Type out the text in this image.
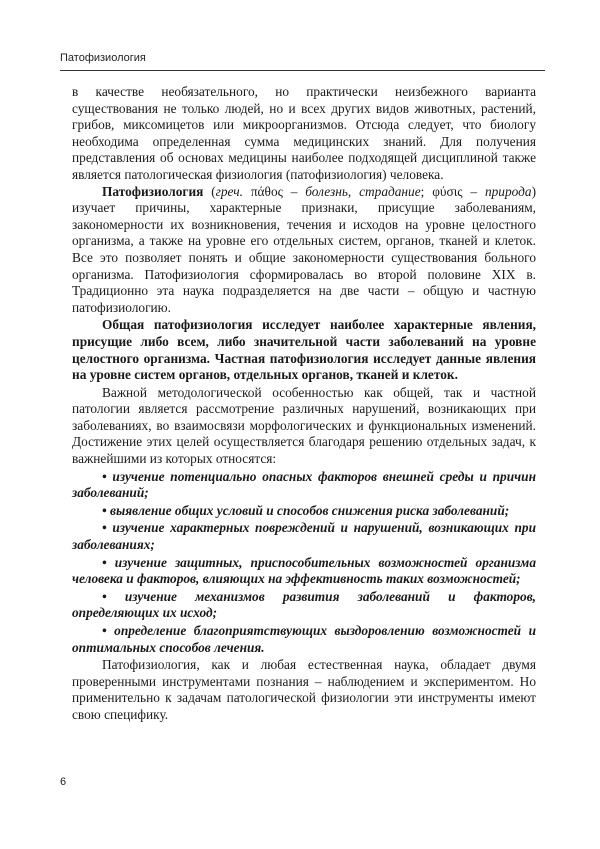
Патофизиология

в качестве необязательного, но практически неизбежного варианта существования не только людей, но и всех других видов животных, растений, грибов, миксомицетов или микроорганизмов. Отсюда следует, что биологу необходима определенная сумма медицинских знаний. Для получения представления об основах медицины наиболее подходящей дисциплиной также является патологическая физиология (патофизиология) человека.

Патофизиология (греч. πάθος – болезнь, страдание; φύσις – природа) изучает причины, характерные признаки, присущие заболеваниям, закономерности их возникновения, течения и исходов на уровне целостного организма, а также на уровне его отдельных систем, органов, тканей и клеток. Все это позволяет понять и общие закономерности существования больного организма. Патофизиология сформировалась во второй половине XIX в. Традиционно эта наука подразделяется на две части – общую и частную патофизиологию.

Общая патофизиология исследует наиболее характерные явления, присущие либо всем, либо значительной части заболеваний на уровне целостного организма. Частная патофизиология исследует данные явления на уровне систем органов, отдельных органов, тканей и клеток.

Важной методологической особенностью как общей, так и частной патологии является рассмотрение различных нарушений, возникающих при заболеваниях, во взаимосвязи морфологических и функциональных изменений. Достижение этих целей осуществляется благодаря решению отдельных задач, к важнейшими из которых относятся:

• изучение потенциально опасных факторов внешней среды и причин заболеваний;

• выявление общих условий и способов снижения риска заболеваний;

• изучение характерных повреждений и нарушений, возникающих при заболеваниях;

• изучение защитных, приспособительных возможностей организма человека и факторов, влияющих на эффективность таких возможностей;

• изучение механизмов развития заболеваний и факторов, определяющих их исход;

• определение благоприятствующих выздоровлению возможностей и оптимальных способов лечения.

Патофизиология, как и любая естественная наука, обладает двумя проверенными инструментами познания – наблюдением и экспериментом. Но применительно к задачам патологической физиологии эти инструменты имеют свою специфику.

6
